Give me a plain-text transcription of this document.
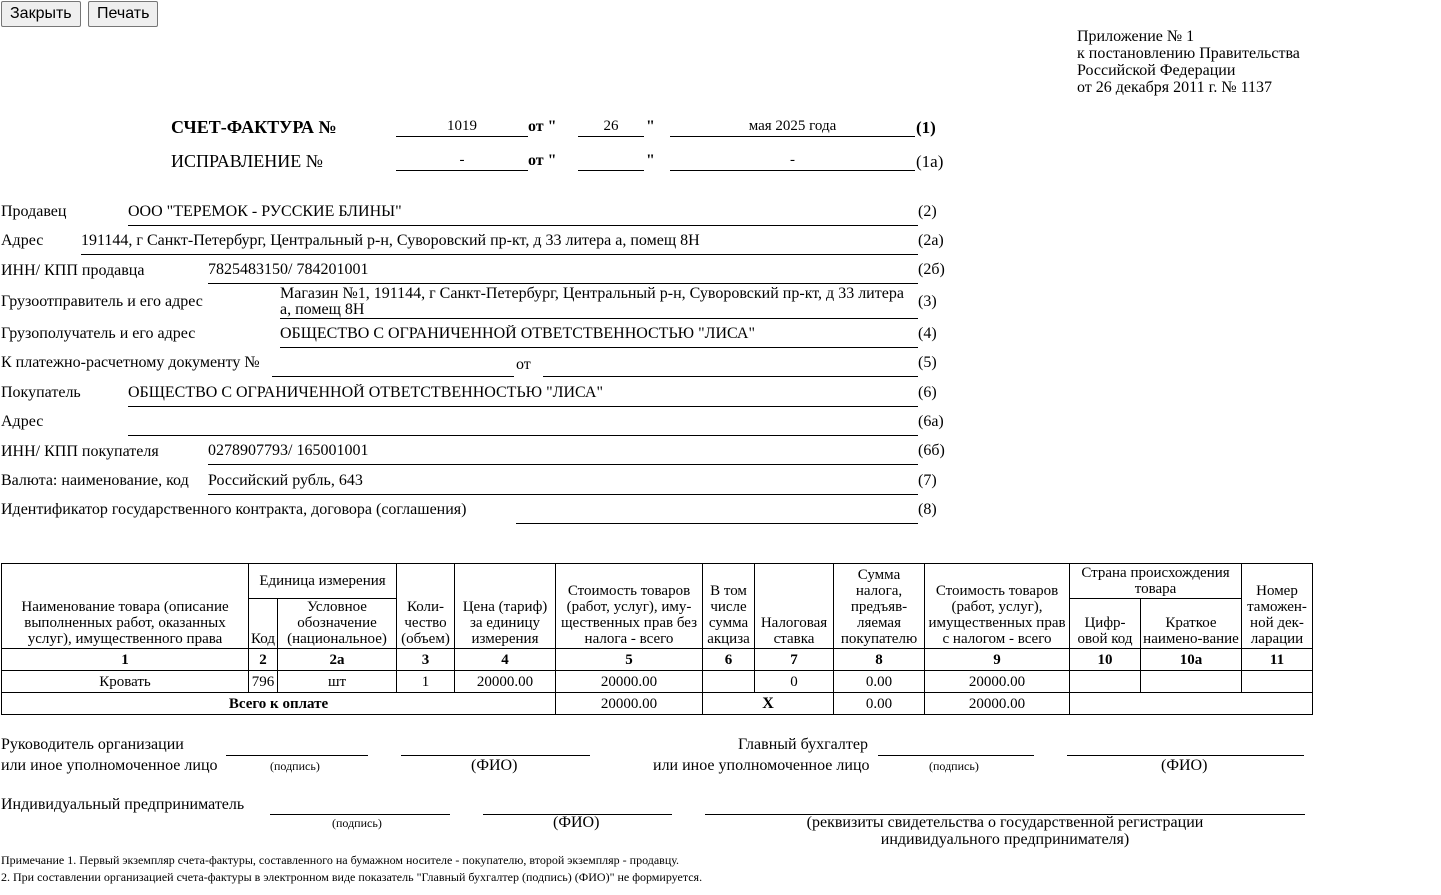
Закрыть	Печать
Приложение № 1
к постановлению Правительства
Российской Федерации
от 26 декабря 2011 г. № 1137
СЧЕТ-ФАКТУРА №	1019	от "	26	"	мая 2025 года	(1)
ИСПРАВЛЕНИЕ №	-	от "	"	-	(1а)
Продавец	ООО "ТЕРЕМОК - РУССКИЕ БЛИНЫ"	(2)
Адрес 191144, г Санкт-Петербург, Центральный р-н, Суворовский пр-кт, д 33 литера а, помещ 8Н	(2а)
ИНН/ КПП продавца	7825483150/ 784201001	(2б)
Грузоотправитель и его адрес	Магазин №1, 191144, г Санкт-Петербург, Центральный р-н, Суворовский пр-кт, д 33 литера а, помещ 8Н	(3)
Грузополучатель и его адрес	ОБЩЕСТВО С ОГРАНИЧЕННОЙ ОТВЕТСТВЕННОСТЬЮ "ЛИСА"	(4)
К платежно-расчетному документу №	от	(5)
Покупатель	ОБЩЕСТВО С ОГРАНИЧЕННОЙ ОТВЕТСТВЕННОСТЬЮ "ЛИСА"	(6)
Адрес	(6а)
ИНН/ КПП покупателя	0278907793/ 165001001	(6б)
Валюта: наименование, код Российский рубль, 643	(7)
Идентификатор государственного контракта, договора (соглашения)	(8)
Наименование товара (описание выполненных работ, оказанных услуг), имущественного права	Единица измерения		Коли-чество (объем)	Цена (тариф) за единицу измерения	Стоимость товаров (работ, услуг), иму-щественных прав без налога - всего	В том числе сумма акциза	Налоговая ставка	Сумма налога, предъяв-ляемая покупателю	Стоимость товаров (работ, услуг), имущественных прав с налогом - всего	Страна происхождения товара		Номер таможен-ной дек-ларации
	Код	Условное обозначение (национальное)								Цифр-овой код	Краткое наимено-вание	
1	2	2а	3	4	5	6	7	8	9	10	10а	11
Кровать	796	шт	1	20000.00	20000.00		0	0.00	20000.00			
Всего к оплате					20000.00	X		0.00	20000.00			
Руководитель организации
или иное уполномоченное лицо	(подпись)	(ФИО)
Главный бухгалтер
или иное уполномоченное лицо	(подпись)	(ФИО)
Индивидуальный предприниматель
(подпись)	(ФИО)	(реквизиты свидетельства о государственной регистрации
индивидуального предпринимателя)
Примечание 1. Первый экземпляр счета-фактуры, составленного на бумажном носителе - покупателю, второй экземпляр - продавцу.
2. При составлении организацией счета-фактуры в электронном виде показатель "Главный бухгалтер (подпись) (ФИО)" не формируется.
